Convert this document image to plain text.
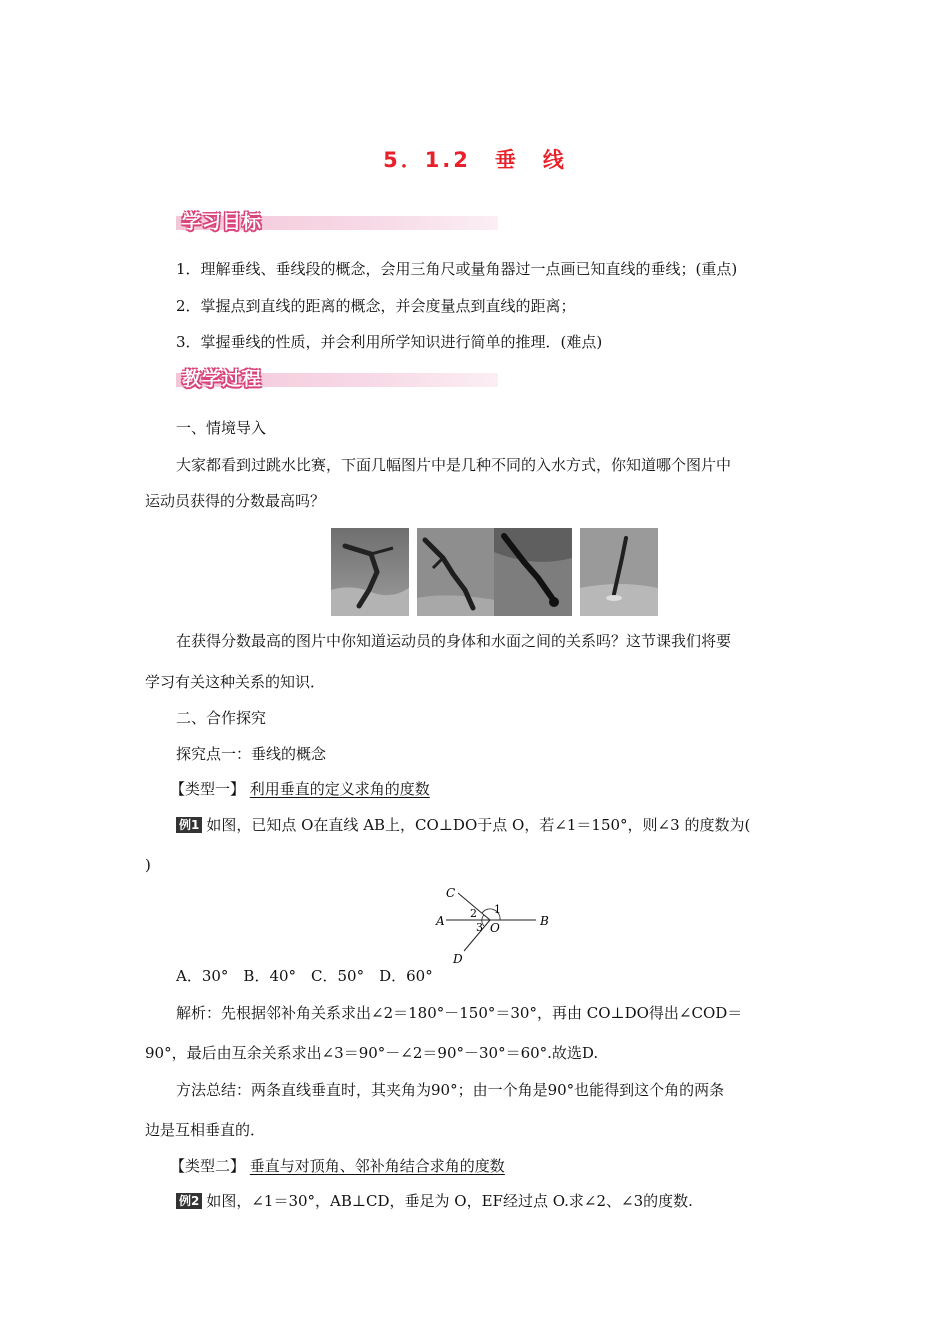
5．1.2　垂　线
学习目标
1．理解垂线、垂线段的概念，会用三角尺或量角器过一点画已知直线的垂线；(重点)
2．掌握点到直线的距离的概念，并会度量点到直线的距离；
3．掌握垂线的性质，并会利用所学知识进行简单的推理．(难点)
教学过程
一、情境导入
大家都看到过跳水比赛，下面几幅图片中是几种不同的入水方式，你知道哪个图片中
运动员获得的分数最高吗？
在获得分数最高的图片中你知道运动员的身体和水面之间的关系吗？这节课我们将要
学习有关这种关系的知识．
二、合作探究
探究点一：垂线的概念
【类型一】 利用垂直的定义求角的度数
例1 如图，已知点 O在直线 AB上，CO⊥DO于点 O，若∠1＝150°，则∠3 的度数为(
)
C
A	B
D
O
1
2
3
A．30°　B．40°　C．50°　D．60°
解析：先根据邻补角关系求出∠2＝180°－150°＝30°，再由 CO⊥DO得出∠COD＝
90°，最后由互余关系求出∠3＝90°－∠2＝90°－30°＝60°.故选D.
方法总结：两条直线垂直时，其夹角为90°；由一个角是90°也能得到这个角的两条
边是互相垂直的．
【类型二】 垂直与对顶角、邻补角结合求角的度数
例2 如图，∠1＝30°，AB⊥CD，垂足为 O，EF经过点 O.求∠2、∠3的度数.
